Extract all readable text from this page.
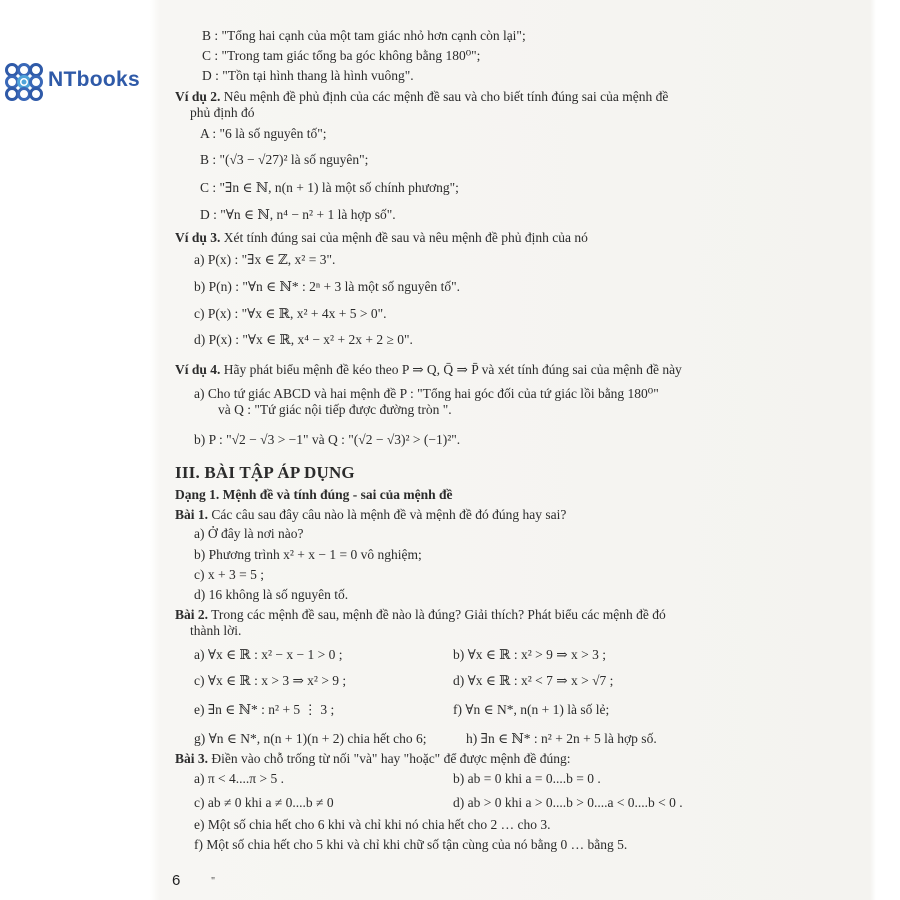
NTbooks
B : "Tổng hai cạnh của một tam giác nhỏ hơn cạnh còn lại";
C : "Trong tam giác tổng ba góc không bằng 180⁰";
D : "Tồn tại hình thang là hình vuông".
Ví dụ 2. Nêu mệnh đề phủ định của các mệnh đề sau và cho biết tính đúng sai của mệnh đề
phủ định đó
A : "6 là số nguyên tố";
B : "(√3 − √27)² là số nguyên";
C : "∃n ∈ ℕ, n(n + 1) là một số chính phương";
D : "∀n ∈ ℕ, n⁴ − n² + 1 là hợp số".
Ví dụ 3. Xét tính đúng sai của mệnh đề sau và nêu mệnh đề phủ định của nó
a) P(x) : "∃x ∈ ℤ, x² = 3".
b) P(n) : "∀n ∈ ℕ* : 2ⁿ + 3 là một số nguyên tố".
c) P(x) : "∀x ∈ ℝ, x² + 4x + 5 > 0".
d) P(x) : "∀x ∈ ℝ, x⁴ − x² + 2x + 2 ≥ 0".
Ví dụ 4. Hãy phát biểu mệnh đề kéo theo P ⇒ Q, Q̄ ⇒ P̄ và xét tính đúng sai của mệnh đề này
a) Cho tứ giác ABCD và hai mệnh đề P : "Tổng hai góc đối của tứ giác lồi bằng 180⁰"
và Q : "Tứ giác nội tiếp được đường tròn ".
b) P : "√2 − √3 > −1" và Q : "(√2 − √3)² > (−1)²".
III. BÀI TẬP ÁP DỤNG
Dạng 1. Mệnh đề và tính đúng - sai của mệnh đề
Bài 1. Các câu sau đây câu nào là mệnh đề và mệnh đề đó đúng hay sai?
a) Ở đây là nơi nào?
b) Phương trình x² + x − 1 = 0 vô nghiệm;
c) x + 3 = 5 ;
d) 16 không là số nguyên tố.
Bài 2. Trong các mệnh đề sau, mệnh đề nào là đúng? Giải thích? Phát biểu các mệnh đề đó
thành lời.
a) ∀x ∈ ℝ : x² − x − 1 > 0 ;	b) ∀x ∈ ℝ : x² > 9 ⇒ x > 3 ;
c) ∀x ∈ ℝ : x > 3 ⇒ x² > 9 ;	d) ∀x ∈ ℝ : x² < 7 ⇒ x > √7 ;
e) ∃n ∈ ℕ* : n² + 5 ⋮ 3 ;	f) ∀n ∈ N*, n(n + 1) là số lẻ;
g) ∀n ∈ N*, n(n + 1)(n + 2) chia hết cho 6;	h) ∃n ∈ ℕ* : n² + 2n + 5 là hợp số.
Bài 3. Điền vào chỗ trống từ nối "và" hay "hoặc" để được mệnh đề đúng:
a) π < 4....π > 5 .	b) ab = 0 khi a = 0....b = 0 .
c) ab ≠ 0 khi a ≠ 0....b ≠ 0	d) ab > 0 khi a > 0....b > 0....a < 0....b < 0 .
e) Một số chia hết cho 6 khi và chỉ khi nó chia hết cho 2 … cho 3.
f) Một số chia hết cho 5 khi và chỉ khi chữ số tận cùng của nó bằng 0 … bằng 5.
6	"
